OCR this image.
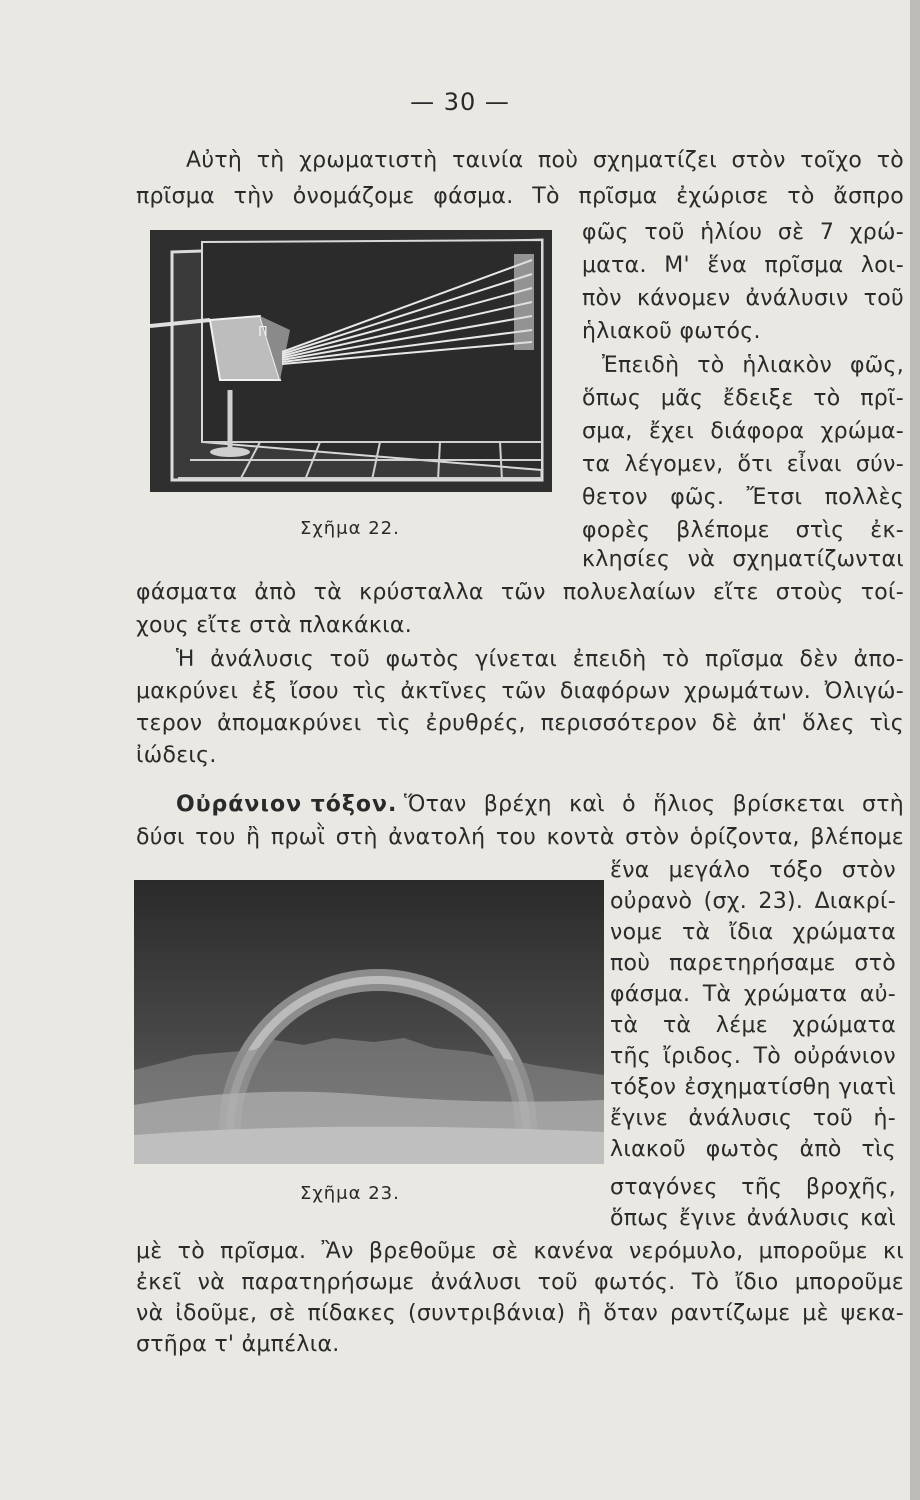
— 30 —
Αὐτὴ τὴ χρωματιστὴ ταινία ποὺ σχηματίζει στὸν τοῖχο τὸ
πρῖσμα τὴν ὀνομάζομε φάσμα. Τὸ πρῖσμα ἐχώρισε τὸ ἄσπρο
φῶς τοῦ ἡλίου σὲ 7 χρώ-
ματα. Μ' ἕνα πρῖσμα λοι-
πὸν κάνομεν ἀνάλυσιν τοῦ
ἡλιακοῦ φωτός.
Π
Σχῆμα 22.
Ἐπειδὴ τὸ ἡλιακὸν φῶς,
ὅπως μᾶς ἔδειξε τὸ πρῖ-
σμα, ἔχει διάφορα χρώμα-
τα λέγομεν, ὅτι εἶναι σύν-
θετον φῶς. Ἔτσι πολλὲς
φορὲς βλέπομε στὶς ἐκ-
κλησίες νὰ σχηματίζωνται
φάσματα ἀπὸ τὰ κρύσταλλα τῶν πολυελαίων εἴτε στοὺς τοί-
χους εἴτε στὰ πλακάκια.
Ἡ ἀνάλυσις τοῦ φωτὸς γίνεται ἐπειδὴ τὸ πρῖσμα δὲν ἀπο-
μακρύνει ἐξ ἴσου τὶς ἀκτῖνες τῶν διαφόρων χρωμάτων. Ὀλιγώ-
τερον ἀπομακρύνει τὶς ἐρυθρές, περισσότερον δὲ ἀπ' ὅλες τὶς
ἰώδεις.
Οὐράνιον τόξον. Ὅταν βρέχη καὶ ὁ ἥλιος βρίσκεται στὴ
δύσι του ἢ πρωῒ στὴ ἀνατολή του κοντὰ στὸν ὁρίζοντα, βλέπομε
ἕνα μεγάλο τόξο στὸν
οὐρανὸ (σχ. 23). Διακρί-
νομε τὰ ἴδια χρώματα
ποὺ παρετηρήσαμε στὸ
φάσμα. Τὰ χρώματα αὐ-
τὰ τὰ λέμε χρώματα
τῆς ἴριδος. Τὸ οὐράνιον
τόξον ἐσχηματίσθη γιατὶ
ἔγινε ἀνάλυσις τοῦ ἡ-
λιακοῦ φωτὸς ἀπὸ τὶς
σταγόνες τῆς βροχῆς,
ὅπως ἔγινε ἀνάλυσις καὶ
μὲ τὸ πρῖσμα. Ἂν βρεθοῦμε σὲ κανένα νερόμυλο, μποροῦμε κι
ἐκεῖ νὰ παρατηρήσωμε ἀνάλυσι τοῦ φωτός. Τὸ ἴδιο μποροῦμε
νὰ ἰδοῦμε, σὲ πίδακες (συντριβάνια) ἢ ὅταν ραντίζωμε μὲ ψεκα-
στῆρα τ' ἀμπέλια.
Σχῆμα 23.
